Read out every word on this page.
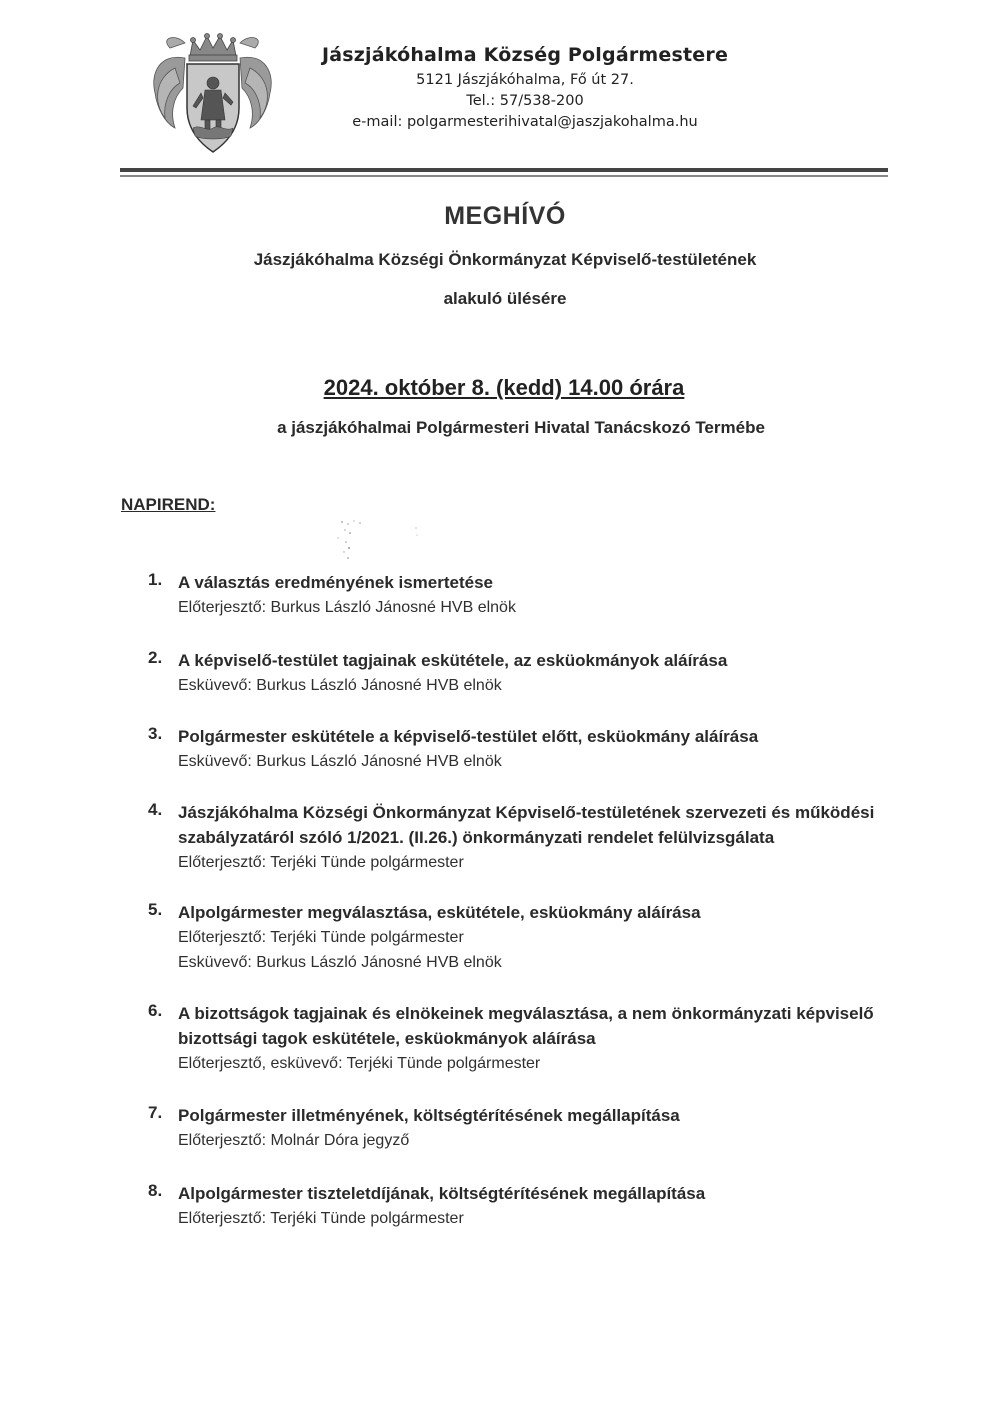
Jászjákóhalma Község Polgármestere
5121 Jászjákóhalma, Fő út 27.
Tel.: 57/538-200
e-mail: polgarmesterihivatal@jaszjakohalma.hu
MEGHÍVÓ
Jászjákóhalma Községi Önkormányzat Képviselő-testületének
alakuló ülésére
2024. október 8. (kedd) 14.00 órára
a jászjákóhalmai Polgármesteri Hivatal Tanácskozó Termébe
NAPIREND:
1. A választás eredményének ismertetése
Előterjesztő: Burkus László Jánosné HVB elnök
2. A képviselő-testület tagjainak eskütétele, az esküokmányok aláírása
Esküvevő: Burkus László Jánosné HVB elnök
3. Polgármester eskütétele a képviselő-testület előtt, esküokmány aláírása
Esküvevő: Burkus László Jánosné HVB elnök
4. Jászjákóhalma Községi Önkormányzat Képviselő-testületének szervezeti és működési
szabályzatáról szóló 1/2021. (II.26.) önkormányzati rendelet felülvizsgálata
Előterjesztő: Terjéki Tünde polgármester
5. Alpolgármester megválasztása, eskütétele, esküokmány aláírása
Előterjesztő: Terjéki Tünde polgármester
Esküvevő: Burkus László Jánosné HVB elnök
6. A bizottságok tagjainak és elnökeinek megválasztása, a nem önkormányzati képviselő
bizottsági tagok eskütétele, esküokmányok aláírása
Előterjesztő, esküvevő: Terjéki Tünde polgármester
7. Polgármester illetményének, költségtérítésének megállapítása
Előterjesztő: Molnár Dóra jegyző
8. Alpolgármester tiszteletdíjának, költségtérítésének megállapítása
Előterjesztő: Terjéki Tünde polgármester
